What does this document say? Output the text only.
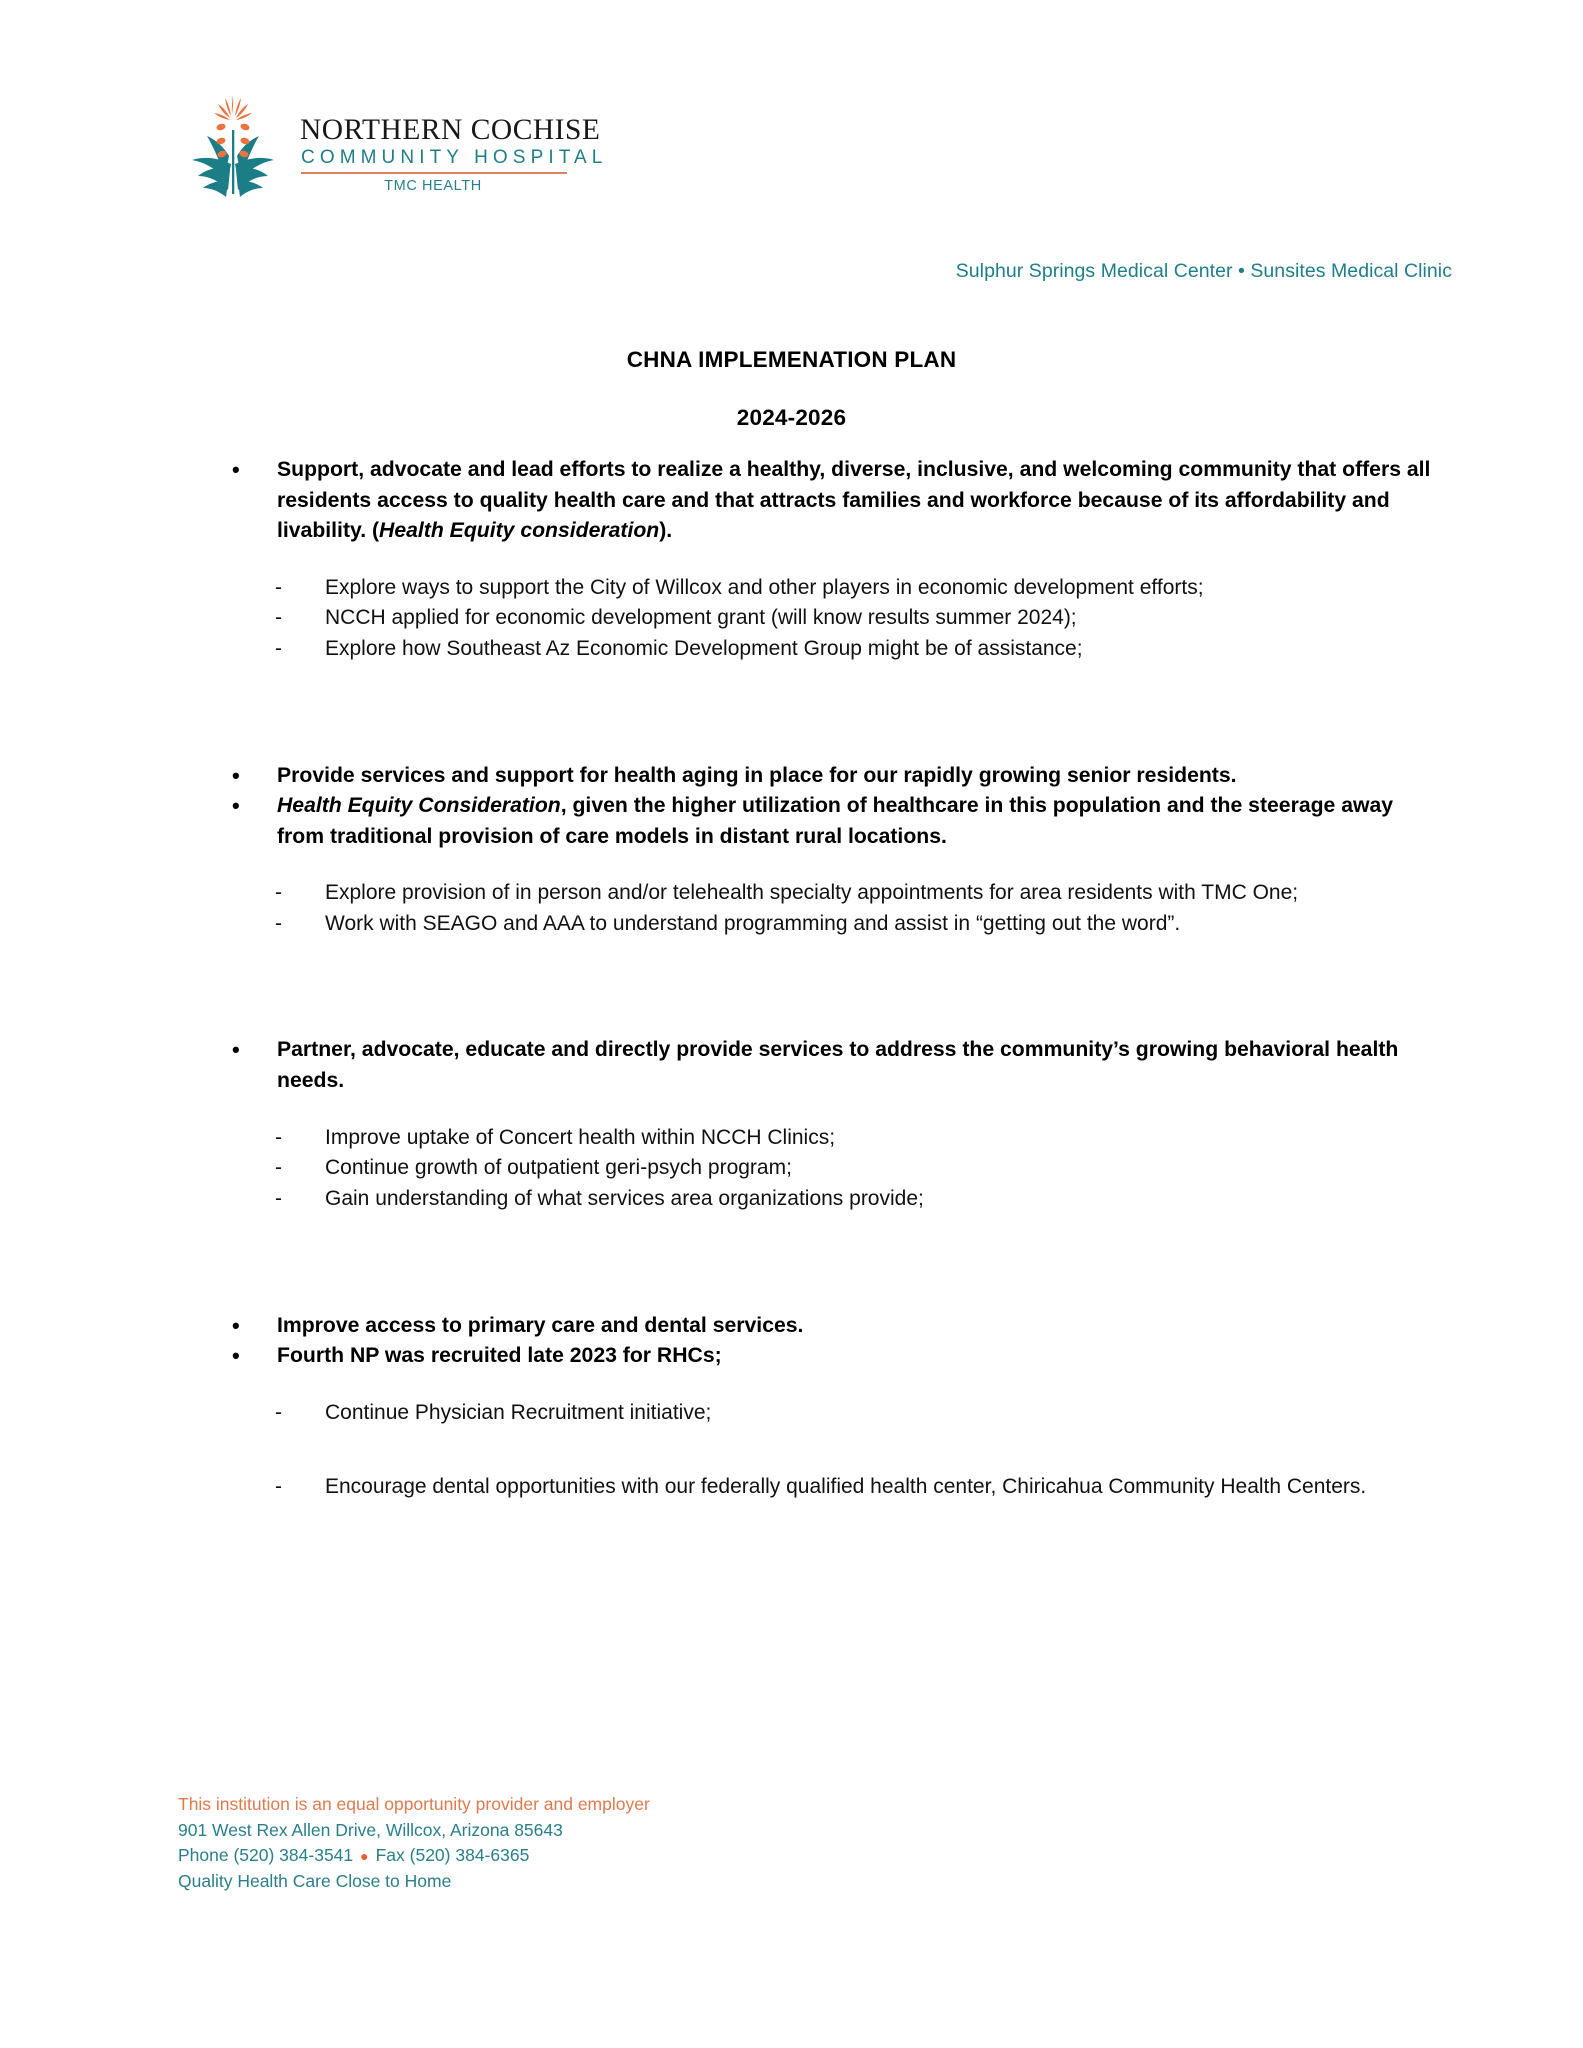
NORTHERN COCHISE
COMMUNITY HOSPITAL
TMC HEALTH
Sulphur Springs Medical Center • Sunsites Medical Clinic
CHNA IMPLEMENATION PLAN
2024-2026
• Support, advocate and lead efforts to realize a healthy, diverse, inclusive, and welcoming community that offers all residents access to quality health care and that attracts families and workforce because of its affordability and livability. (Health Equity consideration).
- Explore ways to support the City of Willcox and other players in economic development efforts;
- NCCH applied for economic development grant (will know results summer 2024);
- Explore how Southeast Az Economic Development Group might be of assistance;
• Provide services and support for health aging in place for our rapidly growing senior residents.
• Health Equity Consideration, given the higher utilization of healthcare in this population and the steerage away from traditional provision of care models in distant rural locations.
- Explore provision of in person and/or telehealth specialty appointments for area residents with TMC One;
- Work with SEAGO and AAA to understand programming and assist in “getting out the word”.
• Partner, advocate, educate and directly provide services to address the community’s growing behavioral health needs.
- Improve uptake of Concert health within NCCH Clinics;
- Continue growth of outpatient geri-psych program;
- Gain understanding of what services area organizations provide;
• Improve access to primary care and dental services.
• Fourth NP was recruited late 2023 for RHCs;
- Continue Physician Recruitment initiative;
- Encourage dental opportunities with our federally qualified health center, Chiricahua Community Health Centers.
This institution is an equal opportunity provider and employer
901 West Rex Allen Drive, Willcox, Arizona 85643
Phone (520) 384-3541 ● Fax (520) 384-6365
Quality Health Care Close to Home
